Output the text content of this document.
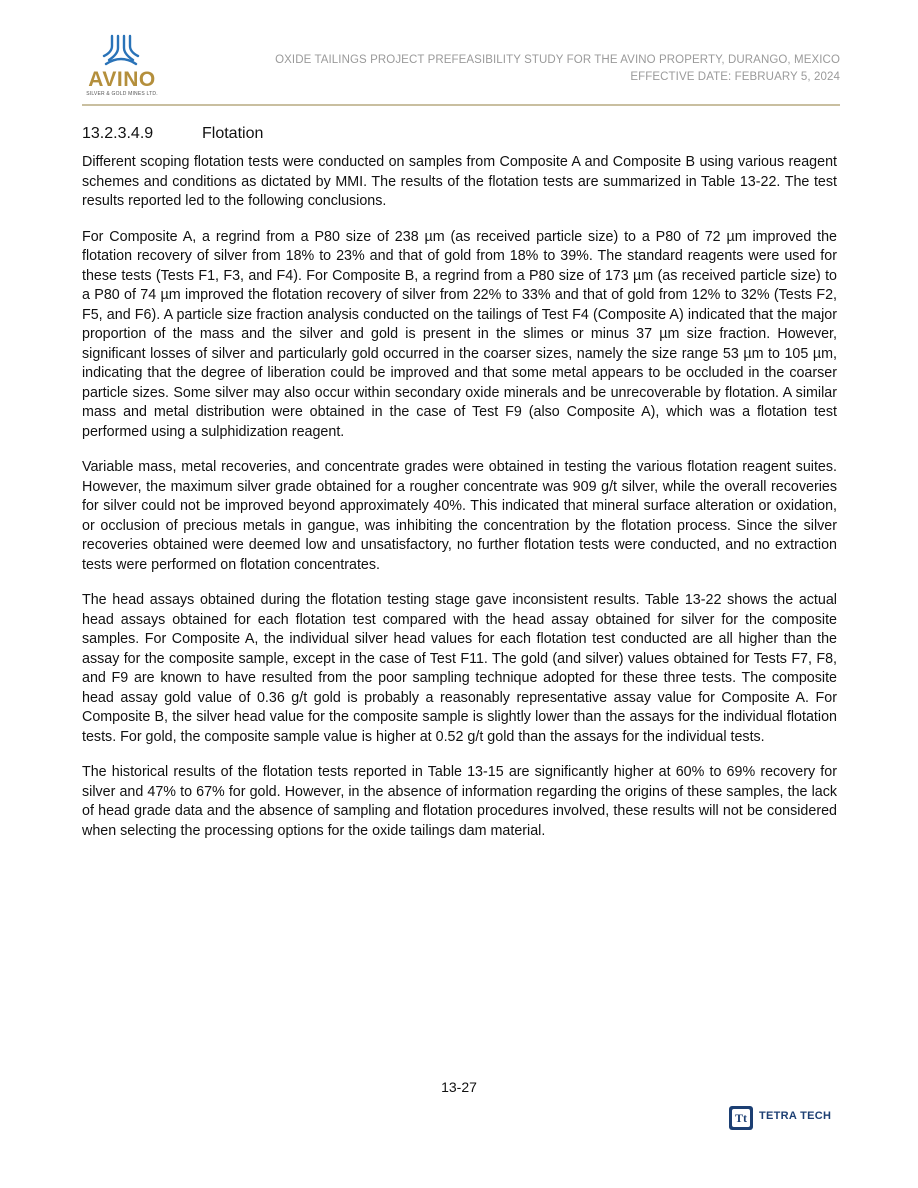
AVINO
SILVER & GOLD MINES LTD.
OXIDE TAILINGS PROJECT PREFEASIBILITY STUDY FOR THE AVINO PROPERTY, DURANGO, MEXICO
EFFECTIVE DATE: FEBRUARY 5, 2024
13.2.3.4.9	Flotation

Different scoping flotation tests were conducted on samples from Composite A and Composite B using various reagent schemes and conditions as dictated by MMI. The results of the flotation tests are summarized in Table 13-22. The test results reported led to the following conclusions.

For Composite A, a regrind from a P80 size of 238 µm (as received particle size) to a P80 of 72 µm improved the flotation recovery of silver from 18% to 23% and that of gold from 18% to 39%. The standard reagents were used for these tests (Tests F1, F3, and F4). For Composite B, a regrind from a P80 size of 173 µm (as received particle size) to a P80 of 74 µm improved the flotation recovery of silver from 22% to 33% and that of gold from 12% to 32% (Tests F2, F5, and F6). A particle size fraction analysis conducted on the tailings of Test F4 (Composite A) indicated that the major proportion of the mass and the silver and gold is present in the slimes or minus 37 µm size fraction. However, significant losses of silver and particularly gold occurred in the coarser sizes, namely the size range 53 µm to 105 µm, indicating that the degree of liberation could be improved and that some metal appears to be occluded in the coarser particle sizes. Some silver may also occur within secondary oxide minerals and be unrecoverable by flotation. A similar mass and metal distribution were obtained in the case of Test F9 (also Composite A), which was a flotation test performed using a sulphidization reagent.

Variable mass, metal recoveries, and concentrate grades were obtained in testing the various flotation reagent suites. However, the maximum silver grade obtained for a rougher concentrate was 909 g/t silver, while the overall recoveries for silver could not be improved beyond approximately 40%. This indicated that mineral surface alteration or oxidation, or occlusion of precious metals in gangue, was inhibiting the concentration by the flotation process. Since the silver recoveries obtained were deemed low and unsatisfactory, no further flotation tests were conducted, and no extraction tests were performed on flotation concentrates.

The head assays obtained during the flotation testing stage gave inconsistent results. Table 13-22 shows the actual head assays obtained for each flotation test compared with the head assay obtained for silver for the composite samples. For Composite A, the individual silver head values for each flotation test conducted are all higher than the assay for the composite sample, except in the case of Test F11. The gold (and silver) values obtained for Tests F7, F8, and F9 are known to have resulted from the poor sampling technique adopted for these three tests. The composite head assay gold value of 0.36 g/t gold is probably a reasonably representative assay value for Composite A. For Composite B, the silver head value for the composite sample is slightly lower than the assays for the individual flotation tests. For gold, the composite sample value is higher at 0.52 g/t gold than the assays for the individual tests.

The historical results of the flotation tests reported in Table 13-15 are significantly higher at 60% to 69% recovery for silver and 47% to 67% for gold. However, in the absence of information regarding the origins of these samples, the lack of head grade data and the absence of sampling and flotation procedures involved, these results will not be considered when selecting the processing options for the oxide tailings dam material.

13-27
Tt TETRA TECH
